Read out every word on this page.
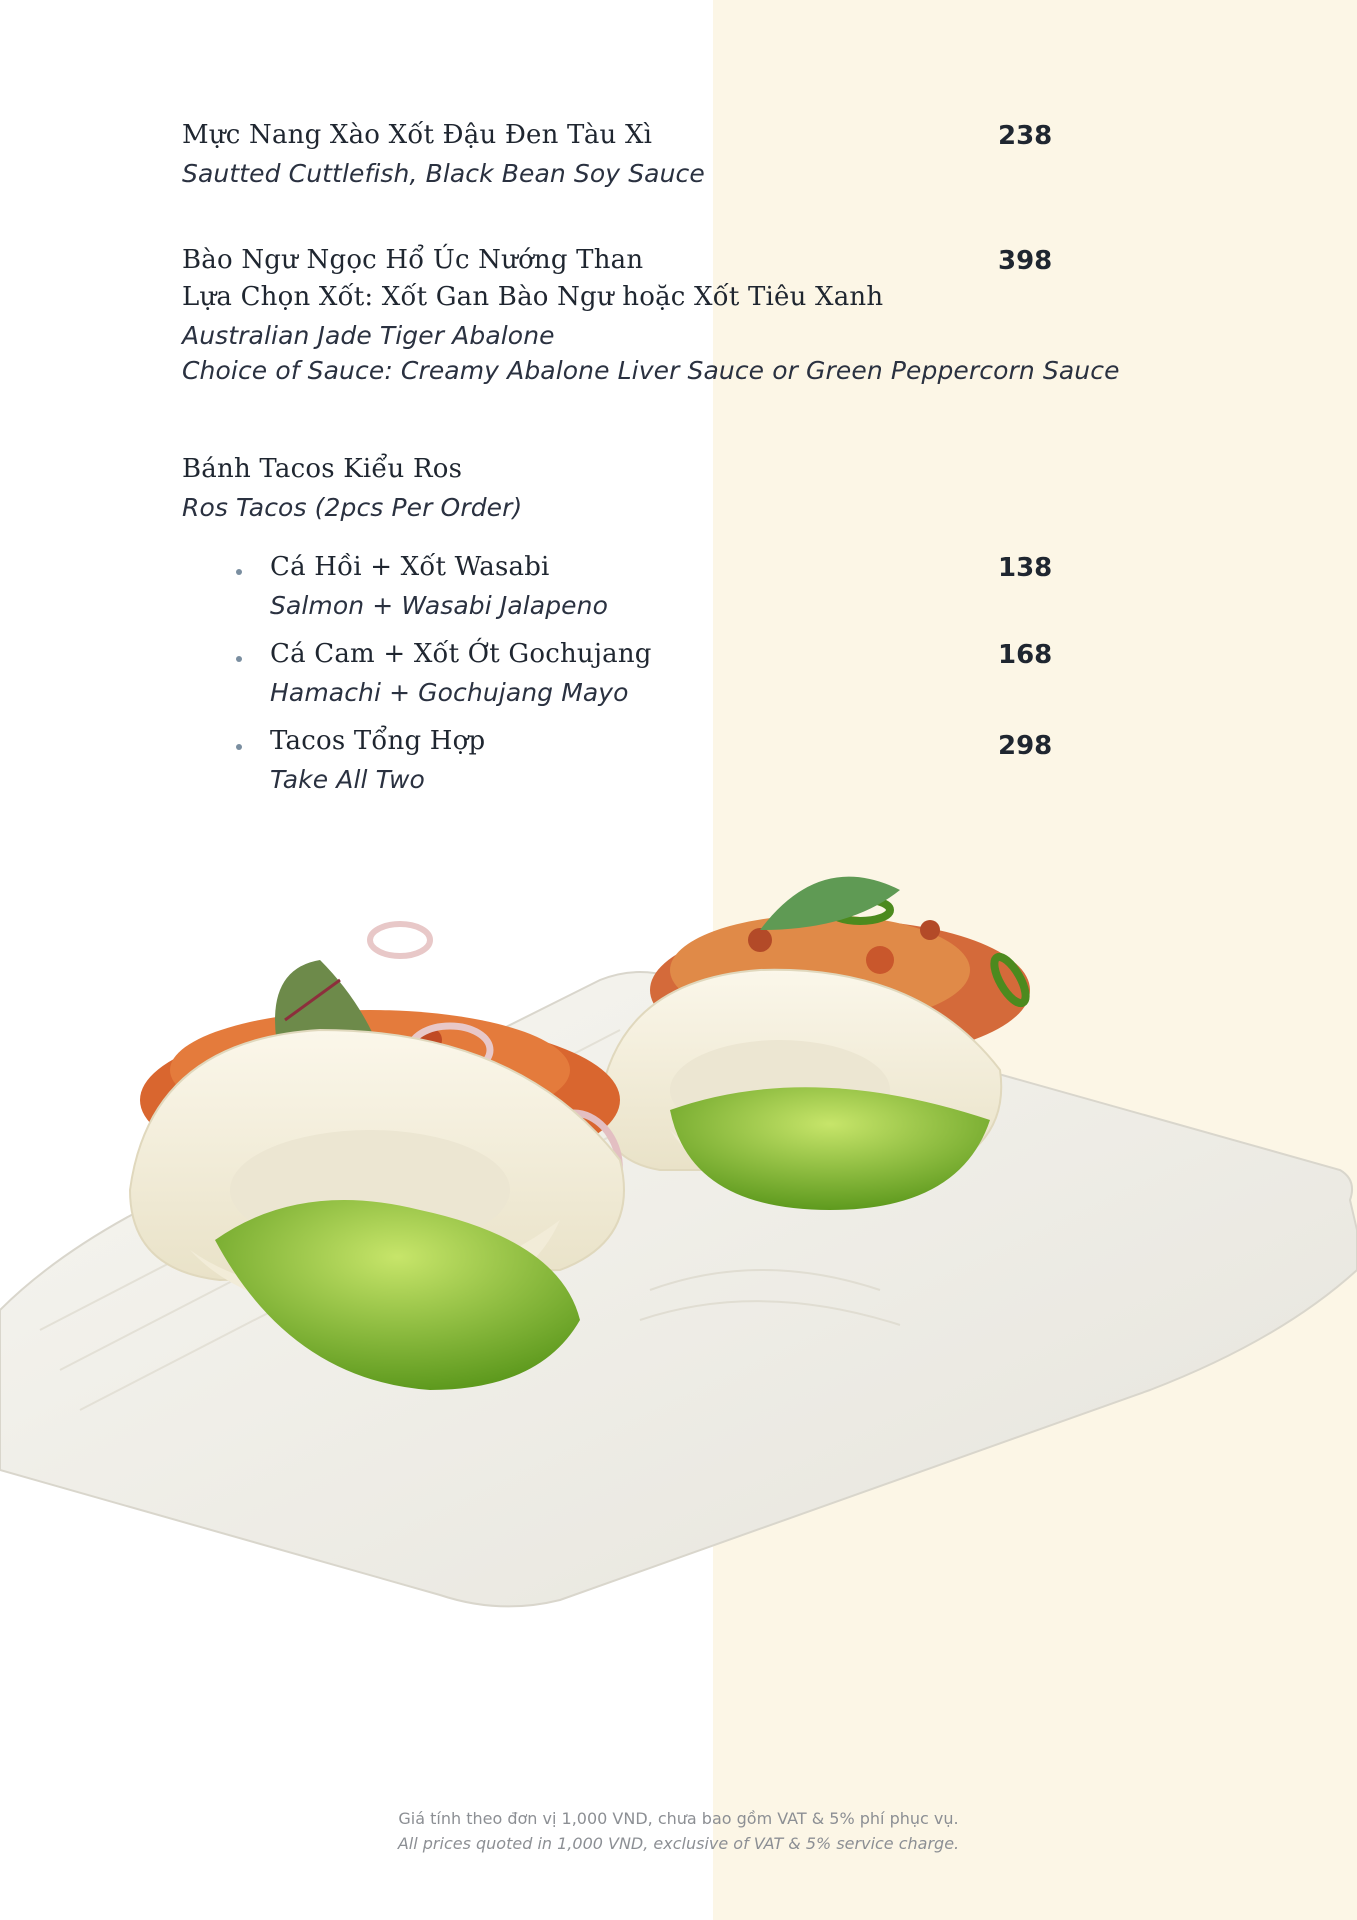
Mực Nang Xào Xốt Đậu Đen Tàu Xì	238
Sautted Cuttlefish, Black Bean Soy Sauce
Bào Ngư Ngọc Hổ Úc Nướng Than	398
Lựa Chọn Xốt: Xốt Gan Bào Ngư hoặc Xốt Tiêu Xanh
Australian Jade Tiger Abalone
Choice of Sauce: Creamy Abalone Liver Sauce or Green Peppercorn Sauce
Bánh Tacos Kiểu Ros
Ros Tacos (2pcs Per Order)
Cá Hồi + Xốt Wasabi	138
Salmon + Wasabi Jalapeno
Cá Cam + Xốt Ớt Gochujang	168
Hamachi + Gochujang Mayo
Tacos Tổng Hợp	298
Take All Two
Giá tính theo đơn vị 1,000 VND, chưa bao gồm VAT & 5% phí phục vụ.
All prices quoted in 1,000 VND, exclusive of VAT & 5% service charge.
